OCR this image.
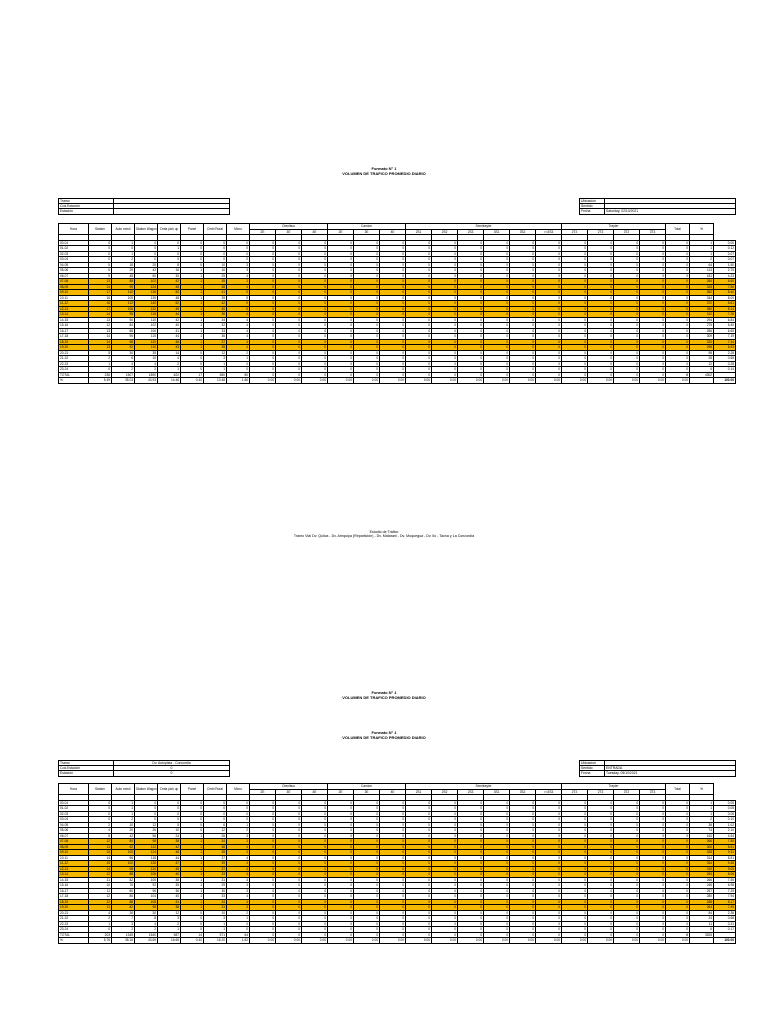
Formato N° 1
VOLUMEN DE TRAFICO PROMEDIO DIARIO
Tramo	
Cod.Estación	
Estación	
Ubicación	
Sentido	
Fecha	Saturday, 02/10/2021
Hora	Station	Auto móvil	Station Wagon	Cmta pick up	Panel	Cmbi Rural	Micro	Omnibus			Camion			Semitrayler						Trayler				Total	%	
								2E	3E	4E	2E	3E	4E	2S1	2S2	2S3	3S1	3S2	>=3S3	2T2	2T3	3T2	3T3			

00-01	0	1	0	0	0	0	0	0	0	0	0	0	0	0	0	0	0	0	0	0	0	0	0	0	1	0.00
01-02	0	0	0	1	0	0	0	0	0	0	0	0	0	0	0	0	0	0	0	0	0	0	0	0	1	0.12
02-03	0	1	0	0	0	0	0	0	0	0	0	0	0	0	0	0	0	0	0	0	0	0	0	0	1	0.07
03-04	0	2	0	0	0	0	0	0	0	0	0	0	0	0	0	0	0	0	0	0	0	0	0	0	2	0.07
04-05	5	18	20	8	0	10	3	0	0	0	0	0	0	0	0	0	0	0	0	0	0	0	0	0	64	1.50
05-06	6	29	42	16	1	16	3	0	0	0	0	0	0	0	0	0	0	0	0	0	0	0	0	0	113	2.75
06-07	9	48	60	30	1	29	4	0	0	0	0	0	0	0	0	0	0	0	0	0	0	0	0	0	181	4.23
07-08	13	88	102	42	1	35	3	0	0	0	0	0	0	0	0	0	0	0	0	0	0	0	0	0	284	6.60
08-09	14	99	124	45	1	38	4	0	0	0	0	0	0	0	0	0	0	0	0	0	0	0	0	0	325	7.56
09-10	17	110	138	50	1	41	5	0	0	0	0	0	0	0	0	0	0	0	0	0	0	0	0	0	362	8.40
10-11	16	105	130	48	1	39	5	0	0	0	0	0	0	0	0	0	0	0	0	0	0	0	0	0	344	8.00
11-12	18	112	140	52	1	42	5	0	0	0	0	0	0	0	0	0	0	0	0	0	0	0	0	0	370	8.61
12-13	17	106	132	49	1	40	5	0	0	0	0	0	0	0	0	0	0	0	0	0	0	0	0	0	350	8.14
13-14	14	95	118	44	1	36	4	0	0	0	0	0	0	0	0	0	0	0	0	0	0	0	0	0	312	7.26
14-15	13	90	110	42	1	34	4	0	0	0	0	0	0	0	0	0	0	0	0	0	0	0	0	0	294	6.84
15-16	12	84	102	40	1	32	4	0	0	0	0	0	0	0	0	0	0	0	0	0	0	0	0	0	275	6.40
16-17	13	88	106	41	1	33	4	0	0	0	0	0	0	0	0	0	0	0	0	0	0	0	0	0	286	6.65
17-18	14	95	115	44	1	36	4	0	0	0	0	0	0	0	0	0	0	0	0	0	0	0	0	0	309	7.19
18-19	14	98	120	46	1	37	4	0	0	0	0	0	0	0	0	0	0	0	0	0	0	0	0	0	320	7.44
19-20	13	92	110	43	1	35	4	0	0	0	0	0	0	0	0	0	0	0	0	0	0	0	0	0	298	6.93
20-21	5	30	35	14	0	12	2	0	0	0	0	0	0	0	0	0	0	0	0	0	0	0	0	0	98	2.28
21-22	2	8	10	4	0	3	1	0	0	0	0	0	0	0	0	0	0	0	0	0	0	0	0	0	28	0.65
22-23	1	4	4	2	0	1	0	0	0	0	0	0	0	0	0	0	0	0	0	0	0	0	0	0	12	0.28
23-24	0	2	2	1	0	1	0	0	0	0	0	0	0	0	0	0	0	0	0	0	0	0	0	0	6	0.14
TOTAL	236	1507	1890	622	17	580	80	0	0	0	0	0	0	0	0	0	0	0	0	0	0	0	0	0	4302	
%	5.49	35.03	43.93	14.46	0.40	13.48	1.86	0.00	0.00	0.00	0.00	0.00	0.00	0.00	0.00	0.00	0.00	0.00	0.00	0.00	0.00	0.00	0.00	0.00		100.00
Estudio de Tráfico
Tramo Vial Dv. Quilca - Dv. Arequipa (Repartición) - Dv. Matarani - Dv. Moquegua - Dv. Ilo - Tacna y La Concordia
Formato N° 1
VOLUMEN DE TRAFICO PROMEDIO DIARIO
Formato N° 1
VOLUMEN DE TRAFICO PROMEDIO DIARIO
Tramo	Dv. Autopista - Concordia
Cod.Estación	0
Estación	0
Ubicación	
Sentido	ENTRADA
Fecha	Tuesday, 05/10/2021
Hora	Station	Auto móvil	Station Wagon	Cmta pick up	Panel	Cmbi Rural	Micro	Omnibus			Camion			Semitrayler						Trayler				Total	%	
								2E	3E	4E	2E	3E	4E	2S1	2S2	2S3	3S1	3S2	>=3S3	2T2	2T3	3T2	3T3			

00-01	0	1	0	0	0	0	0	0	0	0	0	0	0	0	0	0	0	0	0	0	0	0	0	0	1	0.05
01-02	0	1	0	0	0	0	0	0	0	0	0	0	0	0	0	0	0	0	0	0	0	0	0	0	1	0.05
02-03	0	1	0	0	0	0	0	0	0	0	0	0	0	0	0	0	0	0	0	0	0	0	0	0	1	0.05
03-04	0	2	0	0	0	0	0	0	0	0	0	0	0	0	0	0	0	0	0	0	0	0	0	0	2	0.10
04-05	2	10	12	5	0	6	1	0	0	0	0	0	0	0	0	0	0	0	0	0	0	0	0	0	36	1.02
05-06	4	20	26	10	0	12	2	0	0	0	0	0	0	0	0	0	0	0	0	0	0	0	0	0	74	2.10
06-07	8	42	56	24	1	26	3	0	0	0	0	0	0	0	0	0	0	0	0	0	0	0	0	0	160	4.54
07-08	12	80	98	38	1	34	3	0	0	0	0	0	0	0	0	0	0	0	0	0	0	0	0	0	266	7.55
08-09	13	92	112	42	1	36	4	0	0	0	0	0	0	0	0	0	0	0	0	0	0	0	0	0	300	8.51
09-10	15	100	124	46	1	38	4	0	0	0	0	0	0	0	0	0	0	0	0	0	0	0	0	0	328	9.31
10-11	14	96	118	44	1	37	4	0	0	0	0	0	0	0	0	0	0	0	0	0	0	0	0	0	314	8.91
11-12	15	102	126	47	1	39	4	0	0	0	0	0	0	0	0	0	0	0	0	0	0	0	0	0	334	9.48
12-13	14	98	120	45	1	37	4	0	0	0	0	0	0	0	0	0	0	0	0	0	0	0	0	0	319	9.05
13-14	12	88	106	40	1	33	4	0	0	0	0	0	0	0	0	0	0	0	0	0	0	0	0	0	284	8.06
14-15	11	82	100	38	1	31	3	0	0	0	0	0	0	0	0	0	0	0	0	0	0	0	0	0	266	7.55
15-16	10	76	92	35	1	29	3	0	0	0	0	0	0	0	0	0	0	0	0	0	0	0	0	0	246	6.98
16-17	11	80	96	36	1	30	3	0	0	0	0	0	0	0	0	0	0	0	0	0	0	0	0	0	257	7.29
17-18	12	86	104	40	1	33	4	0	0	0	0	0	0	0	0	0	0	0	0	0	0	0	0	0	280	7.94
18-19	12	88	108	41	1	34	4	0	0	0	0	0	0	0	0	0	0	0	0	0	0	0	0	0	288	8.17
19-20	11	82	98	38	1	31	3	0	0	0	0	0	0	0	0	0	0	0	0	0	0	0	0	0	264	7.49
20-21	4	26	30	12	0	10	2	0	0	0	0	0	0	0	0	0	0	0	0	0	0	0	0	0	84	2.38
21-22	2	7	8	3	0	3	1	0	0	0	0	0	0	0	0	0	0	0	0	0	0	0	0	0	24	0.68
22-23	1	3	4	2	0	1	0	0	0	0	0	0	0	0	0	0	0	0	0	0	0	0	0	0	11	0.31
23-24	0	2	2	1	0	1	0	0	0	0	0	0	0	0	0	0	0	0	0	0	0	0	0	0	6	0.17
TOTAL	203	1345	1540	587	14	571	64	0	0	0	0	0	0	0	0	0	0	0	0	0	0	0	0	0	3525	
%	5.76	38.16	43.69	16.65	0.40	16.20	1.82	0.00	0.00	0.00	0.00	0.00	0.00	0.00	0.00	0.00	0.00	0.00	0.00	0.00	0.00	0.00	0.00	0.00		100.00
